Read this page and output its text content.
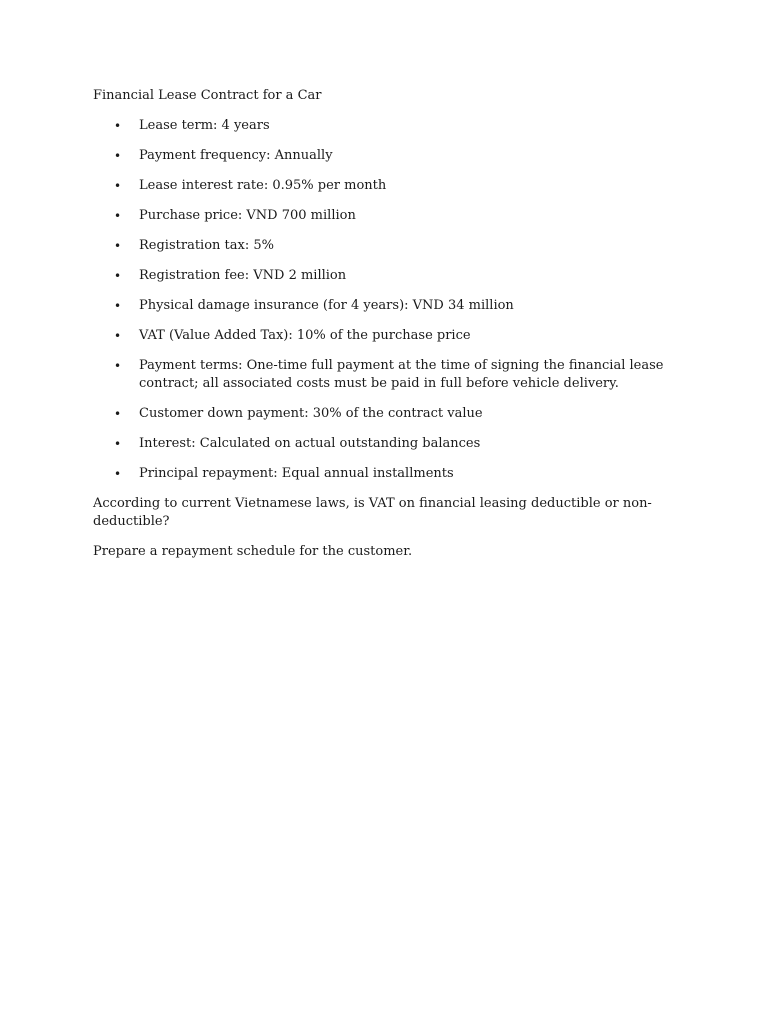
Financial Lease Contract for a Car

• Lease term: 4 years
• Payment frequency: Annually
• Lease interest rate: 0.95% per month
• Purchase price: VND 700 million
• Registration tax: 5%
• Registration fee: VND 2 million
• Physical damage insurance (for 4 years): VND 34 million
• VAT (Value Added Tax): 10% of the purchase price
• Payment terms: One-time full payment at the time of signing the financial lease contract; all associated costs must be paid in full before vehicle delivery.
• Customer down payment: 30% of the contract value
• Interest: Calculated on actual outstanding balances
• Principal repayment: Equal annual installments

According to current Vietnamese laws, is VAT on financial leasing deductible or non-deductible?

Prepare a repayment schedule for the customer.
